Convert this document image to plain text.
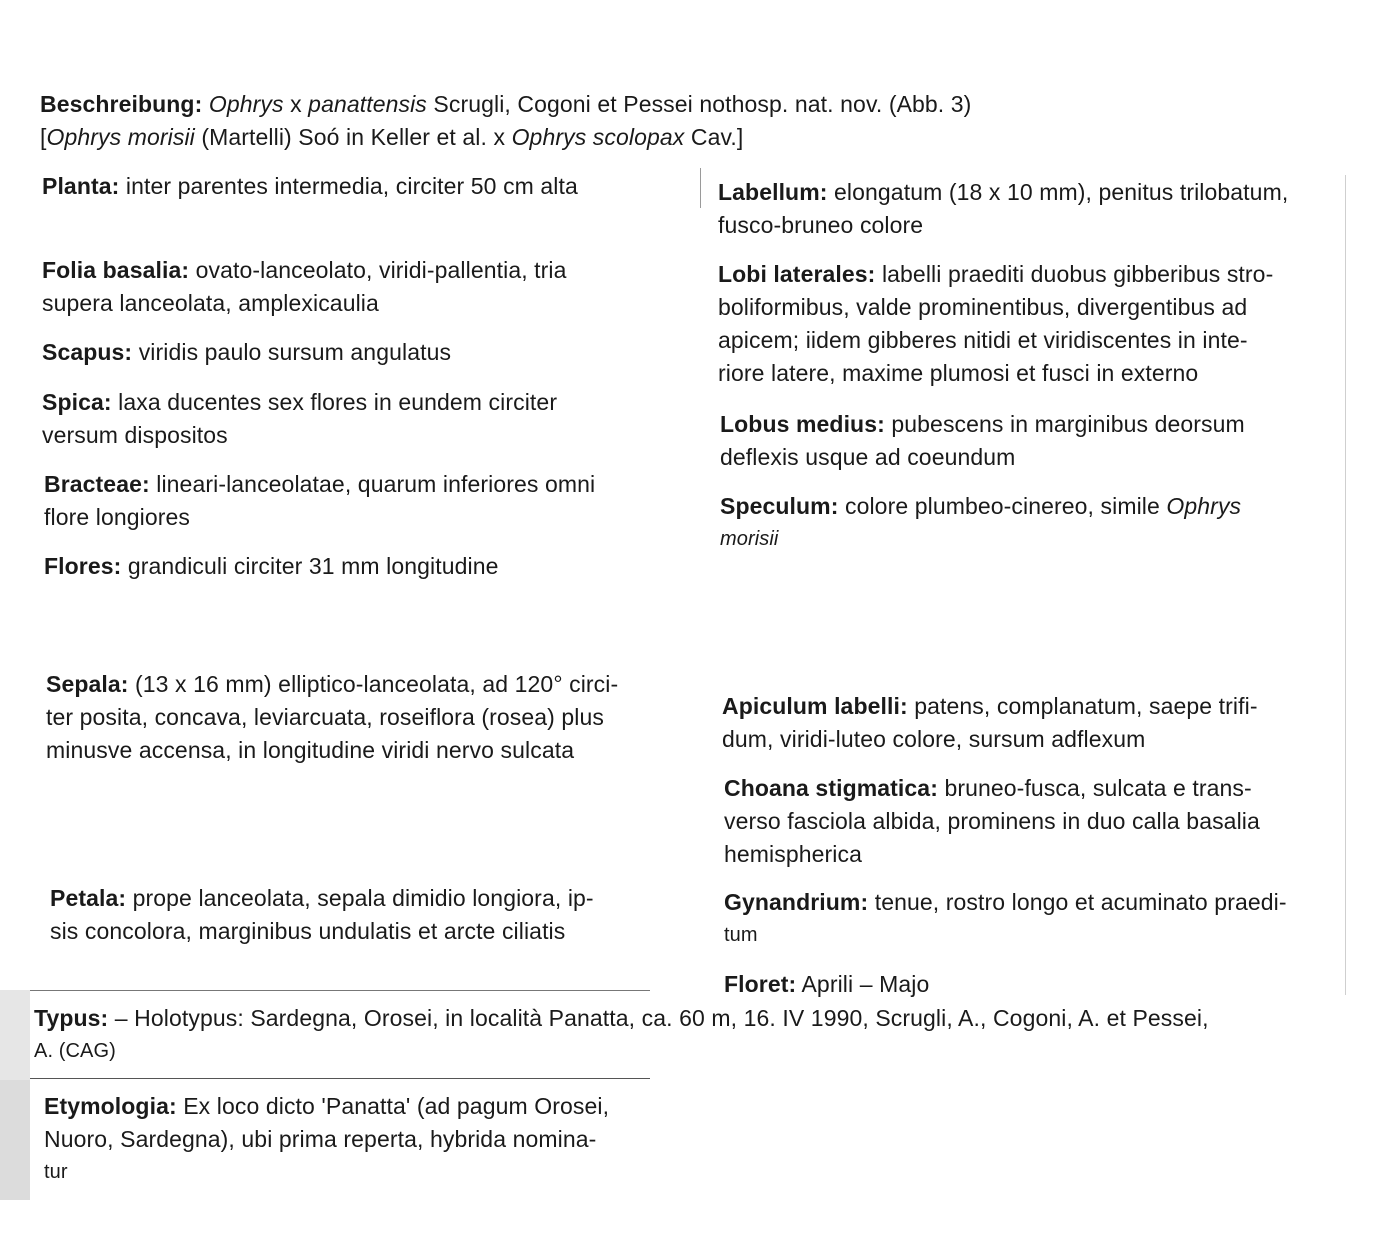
Beschreibung: Ophrys x panattensis Scrugli, Cogoni et Pessei nothosp. nat. nov. (Abb. 3)
[Ophrys morisii (Martelli) Soó in Keller et al. x Ophrys scolopax Cav.]
Planta: inter parentes intermedia, circiter 50 cm alta
Folia basalia: ovato-lanceolato, viridi-pallentia, tria
supera lanceolata, amplexicaulia
Scapus: viridis paulo sursum angulatus
Spica: laxa ducentes sex flores in eundem circiter
versum dispositos
Bracteae: lineari-lanceolatae, quarum inferiores omni
flore longiores
Flores: grandiculi circiter 31 mm longitudine
Sepala: (13 x 16 mm) elliptico-lanceolata, ad 120° circi-
ter posita, concava, leviarcuata, roseiflora (rosea) plus
minusve accensa, in longitudine viridi nervo sulcata
Petala: prope lanceolata, sepala dimidio longiora, ip-
sis concolora, marginibus undulatis et arcte ciliatis
Labellum: elongatum (18 x 10 mm), penitus trilobatum,
fusco-bruneo colore
Lobi laterales: labelli praediti duobus gibberibus stro-
boliformibus, valde prominentibus, divergentibus ad
apicem; iidem gibberes nitidi et viridiscentes in inte-
riore latere, maxime plumosi et fusci in externo
Lobus medius: pubescens in marginibus deorsum
deflexis usque ad coeundum
Speculum: colore plumbeo-cinereo, simile Ophrys
morisii
Apiculum labelli: patens, complanatum, saepe trifi-
dum, viridi-luteo colore, sursum adflexum
Choana stigmatica: bruneo-fusca, sulcata e trans-
verso fasciola albida, prominens in duo calla basalia
hemispherica
Gynandrium: tenue, rostro longo et acuminato praedi-
tum
Floret: Aprili – Majo
Typus: – Holotypus: Sardegna, Orosei, in località Panatta, ca. 60 m, 16. IV 1990, Scrugli, A., Cogoni, A. et Pessei,
A. (CAG)
Etymologia: Ex loco dicto 'Panatta' (ad pagum Orosei,
Nuoro, Sardegna), ubi prima reperta, hybrida nomina-
tur
